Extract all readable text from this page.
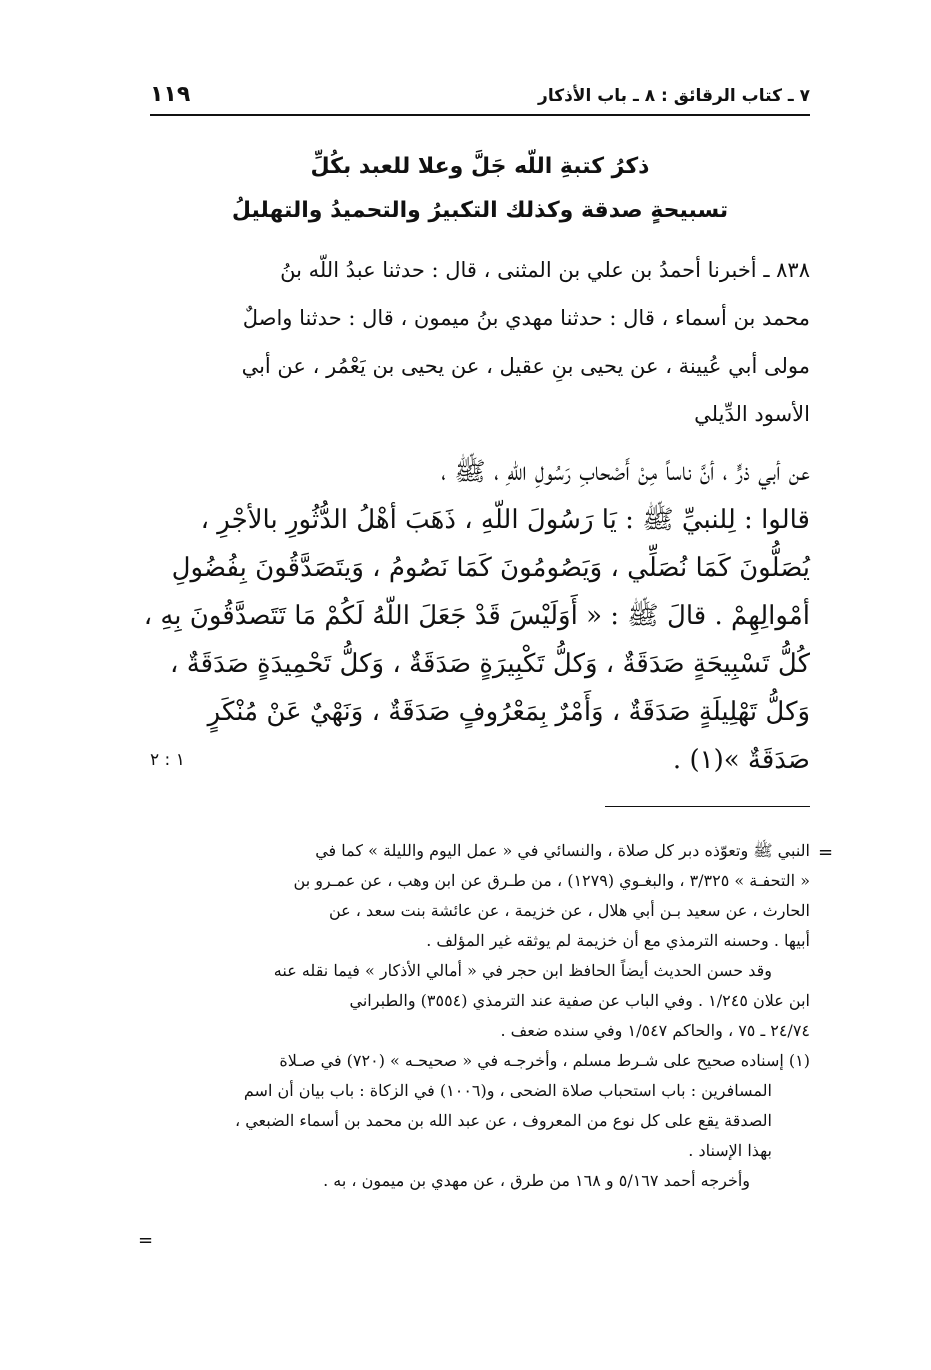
٧ ـ كتاب الرقائق : ٨ ـ باب الأذكار
١١٩
ذكرُ كتبةِ اللّه جَلَّ وعلا للعبد بكُلِّ
تسبيحةٍ صدقة وكذلك التكبيرُ والتحميدُ والتهليلُ
٨٣٨ ـ أخبرنا أحمدُ بن علي بن المثنى ، قال : حدثنا عبدُ اللّه بنُ
محمد بن أسماء ، قال : حدثنا مهدي بنُ ميمون ، قال : حدثنا واصلٌ
مولى أبي عُيينة ، عن يحيى بنِ عقيل ، عن يحيى بن يَعْمُر ، عن أبي
الأسود الدِّيلي
عن أبي ذرٍّ ، أنَّ ناساً مِنْ أَصْحابِ رَسُولِ اللّهِ ، ﷺ ،
قالوا : لِلنبيِّ ﷺ : يَا رَسُولَ اللّهِ ، ذَهَبَ أهْلُ الدُّثُورِ بالأجْرِ ،
يُصَلُّونَ كَمَا نُصَلِّي ، وَيَصُومُونَ كَمَا نَصُومُ ، وَيتَصَدَّقُونَ بِفُضُولِ
أمْوالِهِمْ . قالَ ﷺ : « أَوَلَيْسَ قَدْ جَعَلَ اللّهُ لَكُمْ مَا تَتَصدَّقُونَ بِهِ ،
كُلُّ تَسْبِيحَةٍ صَدَقَةٌ ، وَكلُّ تَكْبِيرَةٍ صَدَقَةٌ ، وَكلُّ تَحْمِيدَةٍ صَدَقَةٌ ،
وَكلُّ تَهْلِيلَةٍ صَدَقَةٌ ، وَأَمْرٌ بِمَعْرُوفٍ صَدَقَةٌ ، وَنَهْيٌ عَنْ مُنْكَرٍ
صَدَقَةٌ »(١) .
١ : ٢
=
النبي ﷺ وتعوّذه دبر كل صلاة ، والنسائي في « عمل اليوم والليلة » كما في
« التحفـة » ٣/٣٢٥ ، والبغـوي (١٢٧٩) ، من طـرق عن ابن وهب ، عن عمـرو بن
الحارث ، عن سعيد بـن أبي هلال ، عن خزيمة ، عن عائشة بنت سعد ، عن
أبيها . وحسنه الترمذي مع أن خزيمة لم يوثقه غير المؤلف .
وقد حسن الحديث أيضاً الحافظ ابن حجر في « أمالي الأذكار » فيما نقله عنه
ابن علان ١/٢٤٥ . وفي الباب عن صفية عند الترمذي (٣٥٥٤) والطبراني
٢٤/٧٤ ـ ٧٥ ، والحاكم ١/٥٤٧ وفي سنده ضعف .
(١) إسناده صحيح على شـرط مسلم ، وأخرجـه في « صحيحـه » (٧٢٠) في صـلاة
المسافرين : باب استحباب صلاة الضحى ، و(١٠٠٦) في الزكاة : باب بيان أن اسم
الصدقة يقع على كل نوع من المعروف ، عن عبد الله بن محمد بن أسماء الضبعي ،
بهذا الإسناد .
وأخرجه أحمد ٥/١٦٧ و ١٦٨ من طرق ، عن مهدي بن ميمون ، به .
=
